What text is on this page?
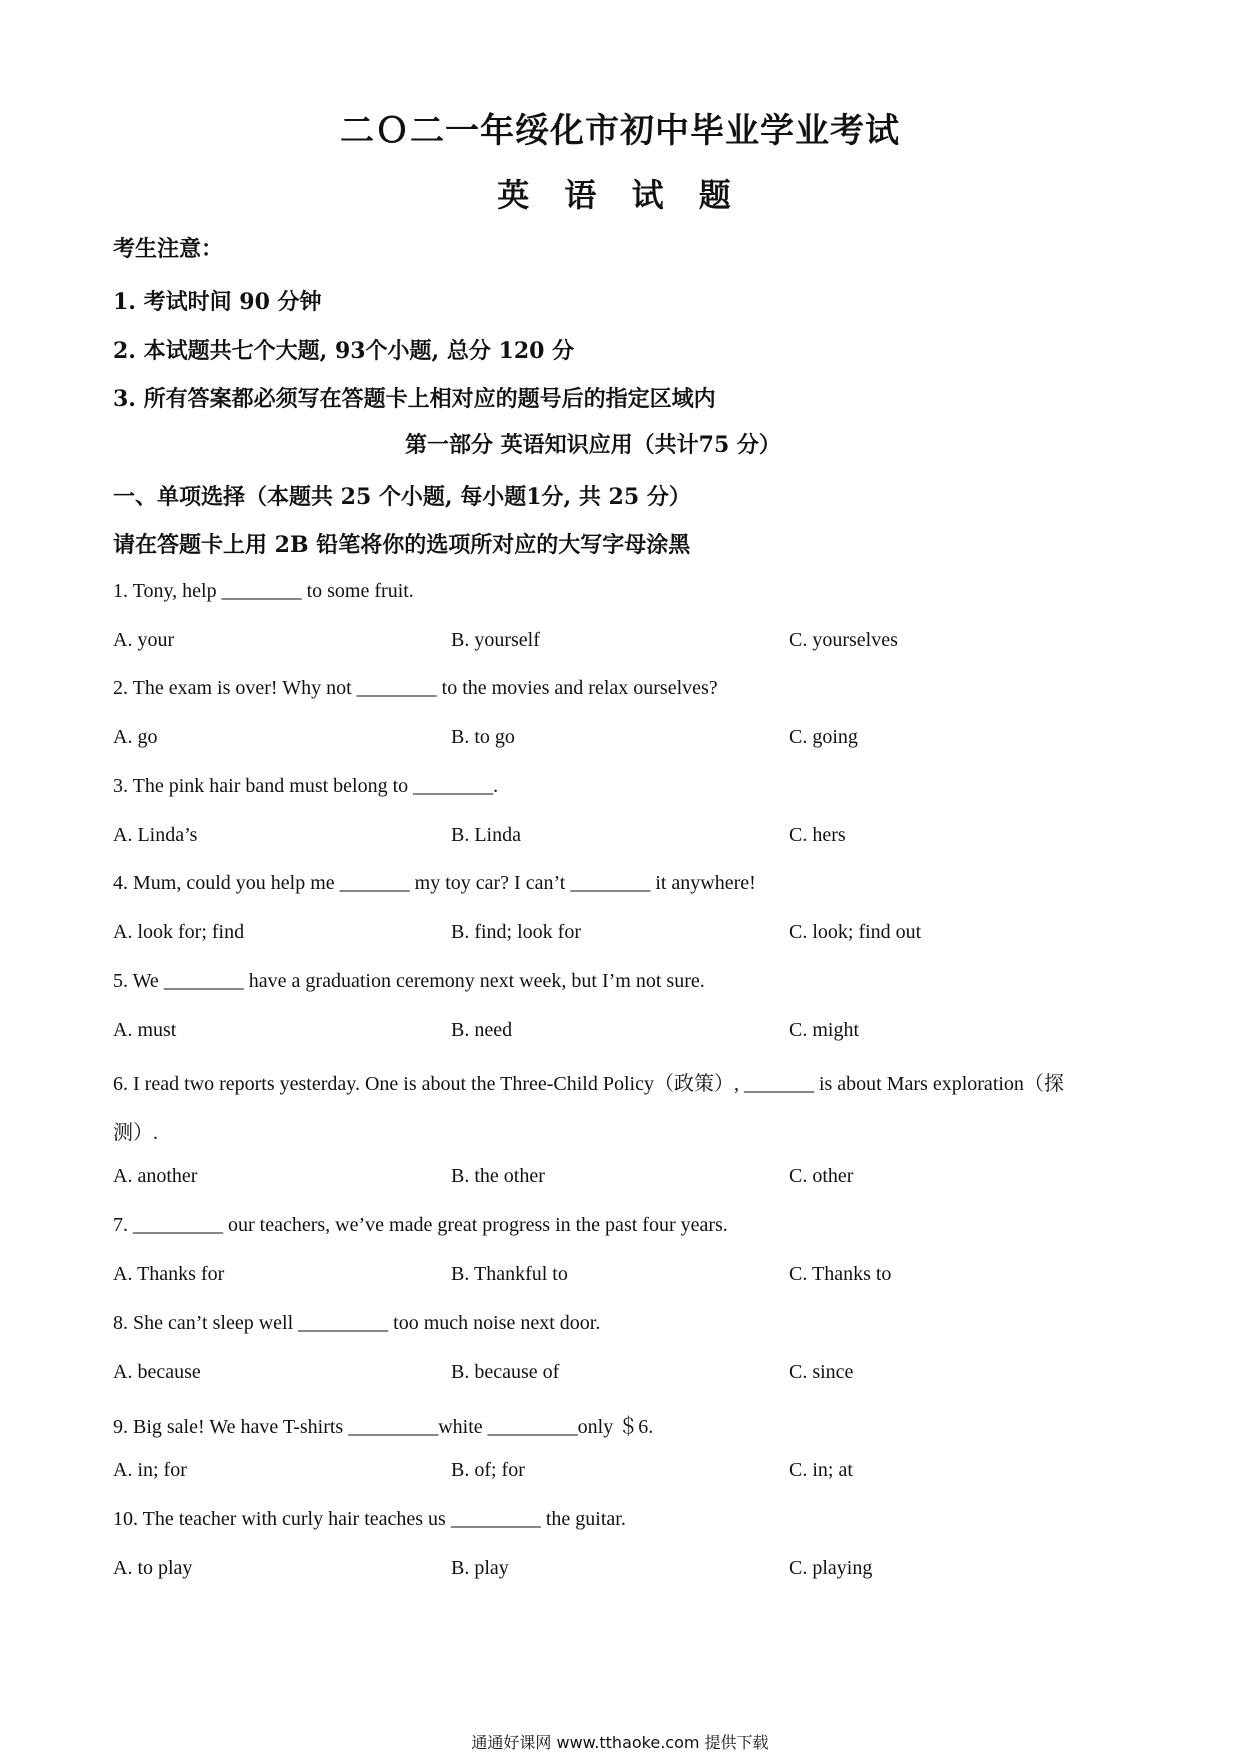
二Ｏ二一年绥化市初中毕业学业考试
英 语 试 题
考生注意：
1. 考试时间 90 分钟
2. 本试题共七个大题, 93个小题, 总分 120 分
3. 所有答案都必须写在答题卡上相对应的题号后的指定区域内
第一部分 英语知识应用（共计75 分）
一、单项选择（本题共 25 个小题, 每小题1分, 共 25 分）
请在答题卡上用 2B 铅笔将你的选项所对应的大写字母涂黑
1. Tony, help ________ to some fruit.
A. your	B. yourself	C. yourselves
2. The exam is over! Why not ________ to the movies and relax ourselves?
A. go	B. to go	C. going
3. The pink hair band must belong to ________.
A. Linda’s	B. Linda	C. hers
4. Mum, could you help me _______ my toy car? I can’t ________ it anywhere!
A. look for; find	B. find; look for	C. look; find out
5. We ________ have a graduation ceremony next week, but I’m not sure.
A. must	B. need	C. might
6. I read two reports yesterday. One is about the Three-Child Policy（政策）, _______ is about Mars exploration（探
测）.
A. another	B. the other	C. other
7. _________ our teachers, we’ve made great progress in the past four years.
A. Thanks for	B. Thankful to	C. Thanks to
8. She can’t sleep well _________ too much noise next door.
A. because	B. because of	C. since
9. Big sale! We have T-shirts _________white _________only ＄6.
A. in; for	B. of; for	C. in; at
10. The teacher with curly hair teaches us _________ the guitar.
A. to play	B. play	C. playing
通通好课网 www.tthaoke.com 提供下载
